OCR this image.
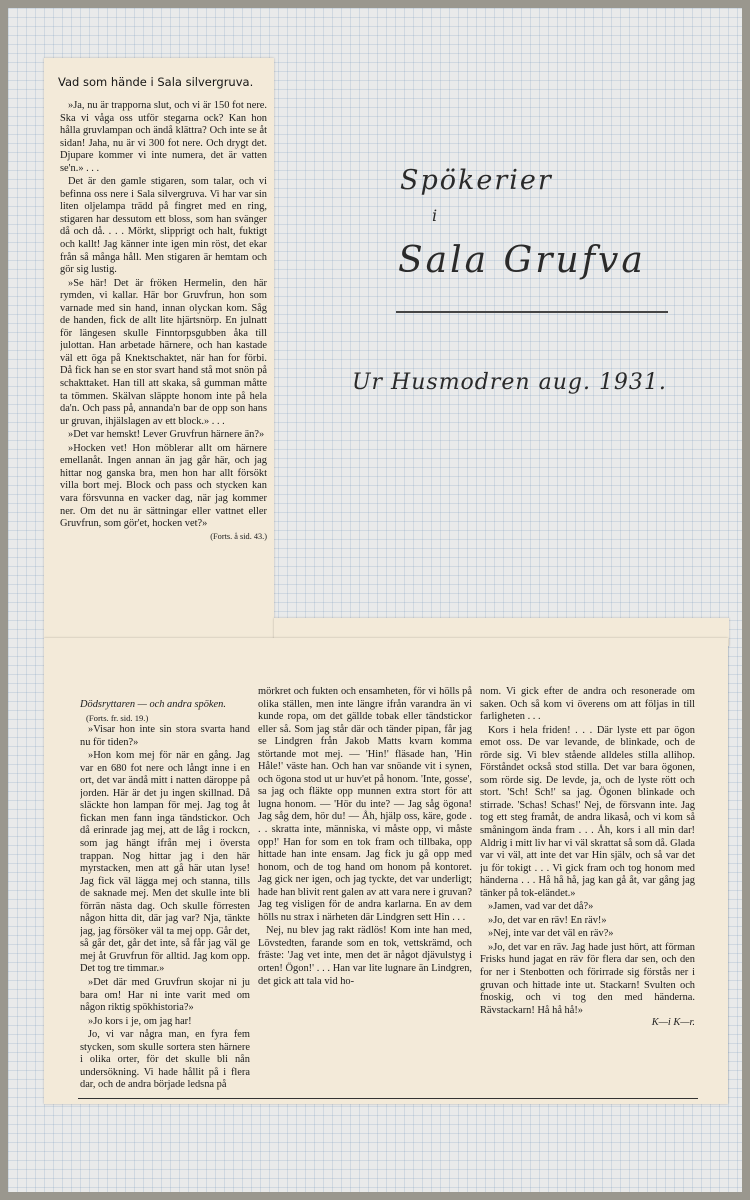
Vad som hände i Sala silvergruva.

»Ja, nu är trapporna slut, och vi är 150 fot nere. Ska vi våga oss utför stegarna ock? Kan hon hålla gruvlampan och ändå klättra? Och inte se åt sidan! Jaha, nu är vi 300 fot nere. Och drygt det. Djupare kommer vi inte numera, det är vatten se'n.» . . .

Det är den gamle stigaren, som talar, och vi befinna oss nere i Sala silvergruva. Vi har var sin liten oljelampa trädd på fingret med en ring, stigaren har dessutom ett bloss, som han svänger då och då. . . . Mörkt, slipprigt och halt, fuktigt och kallt! Jag känner inte igen min röst, det ekar från så många håll. Men stigaren är hemtam och gör sig lustig.

»Se här! Det är fröken Hermelin, den här rymden, vi kallar. Här bor Gruvfrun, hon som varnade med sin hand, innan olyckan kom. Såg de handen, fick de allt lite hjärtsnörp. En julnatt för längesen skulle Finntorpsgubben åka till julottan. Han arbetade härnere, och han kastade väl ett öga på Knektschaktet, när han for förbi. Då fick han se en stor svart hand stå mot snön på schakttaket. Han till att skaka, så gumman måtte ta tömmen. Skälvan släppte honom inte på hela da'n. Och pass på, annanda'n bar de opp son hans ur gruvan, ihjälslagen av ett block.» . . .

»Det var hemskt! Lever Gruvfrun härnere än?»

»Hocken vet! Hon möblerar allt om härnere emellanåt. Ingen annan än jag går här, och jag hittar nog ganska bra, men hon har allt försökt villa bort mej. Block och pass och stycken kan vara försvunna en vacker dag, när jag kommer ner. Om det nu är sättningar eller vattnet eller Gruvfrun, som gör'et, hocken vet?»

(Forts. å sid. 43.)
Dödsryttaren — och andra spöken.
(Forts. fr. sid. 19.)

»Visar hon inte sin stora svarta hand nu för tiden?»

»Hon kom mej för när en gång. Jag var en 680 fot nere och långt inne i en ort, det var ändå mitt i natten däroppe på jorden. Här är det ju ingen skillnad. Då släckte hon lampan för mej. Jag tog åt fickan men fann inga tändstickor. Och då erinrade jag mej, att de låg i rockcn, som jag hängt ifrån mej i översta trappan. Nog hittar jag i den här myrstacken, men att gå här utan lyse! Jag fick väl lägga mej och stanna, tills de saknade mej. Men det skulle inte bli förrän nästa dag. Och skulle förresten någon hitta dit, där jag var? Nja, tänkte jag, jag försöker väl ta mej opp. Går det, så går det, går det inte, så får jag väl ge mej åt Gruvfrun för alltid. Jag kom opp. Det tog tre timmar.»

»Det där med Gruvfrun skojar ni ju bara om! Har ni inte varit med om någon riktig spökhistoria?»

»Jo kors i je, om jag har!

Jo, vi var några man, en fyra fem stycken, som skulle sortera sten härnere i olika orter, för det skulle bli nån undersökning. Vi hade hållit på i flera dar, och de andra började ledsna på

mörkret och fukten och ensamheten, för vi hölls på olika ställen, men inte längre ifrån varandra än vi kunde ropa, om det gällde tobak eller tändstickor eller så. Som jag står där och tänder pipan, får jag se Lindgren från Jakob Matts kvarn komma störtande mot mej. — 'Hin!' fläsade han, 'Hin Håle!' väste han. Och han var snöande vit i synen, och ögona stod ut ur huv'et på honom. 'Inte, gosse', sa jag och fläkte opp munnen extra stort för att lugna honom. — 'Hör du inte? — Jag såg ögona! Jag såg dem, hör du! — Åh, hjälp oss, käre, gode . . . skratta inte, människa, vi måste opp, vi måste opp!' Han for som en tok fram och tillbaka, opp hittade han inte ensam. Jag fick ju gå opp med honom, och de tog hand om honom på kontoret. Jag gick ner igen, och jag tyckte, det var underligt; hade han blivit rent galen av att vara nere i gruvan? Jag teg visligen för de andra karlarna. En av dem hölls nu strax i närheten där Lindgren sett Hin . . .

Nej, nu blev jag rakt rädlös! Kom inte han med, Lövstedten, farande som en tok, vettskrämd, och fräste: 'Jag vet inte, men det är något djävulstyg i orten! Ögon!' . . . Han var lite lugnare än Lindgren, det gick att tala vid ho-

nom. Vi gick efter de andra och resonerade om saken. Och så kom vi överens om att följas in till farligheten . . .

Kors i hela friden! . . . Där lyste ett par ögon emot oss. De var levande, de blinkade, och de rörde sig. Vi blev stående alldeles stilla allihop. Förståndet också stod stilla. Det var bara ögonen, som rörde sig. De levde, ja, och de lyste rött och stort. 'Sch! Sch!' sa jag. Ögonen blinkade och stirrade. 'Schas! Schas!' Nej, de försvann inte. Jag tog ett steg framåt, de andra likaså, och vi kom så småningom ända fram . . . Åh, kors i all min dar! Aldrig i mitt liv har vi väl skrattat så som då. Glada var vi väl, att inte det var Hin själv, och så var det ju för tokigt . . . Vi gick fram och tog honom med händerna . . . Hå hå hå, jag kan gå åt, var gång jag tänker på tok-eländet.»

»Jamen, vad var det då?»

»Jo, det var en räv! En räv!»

»Nej, inte var det väl en räv?»

»Jo, det var en räv. Jag hade just hört, att förman Frisks hund jagat en räv för flera dar sen, och den for ner i Stenbotten och förirrade sig förstås ner i gruvan och hittade inte ut. Stackarn! Svulten och fnoskig, och vi tog den med händerna. Rävstackarn! Hå hå hå!»

K—i K—r.
Spökerier
i
Sala Grufva
Ur Husmodren aug. 1931.
